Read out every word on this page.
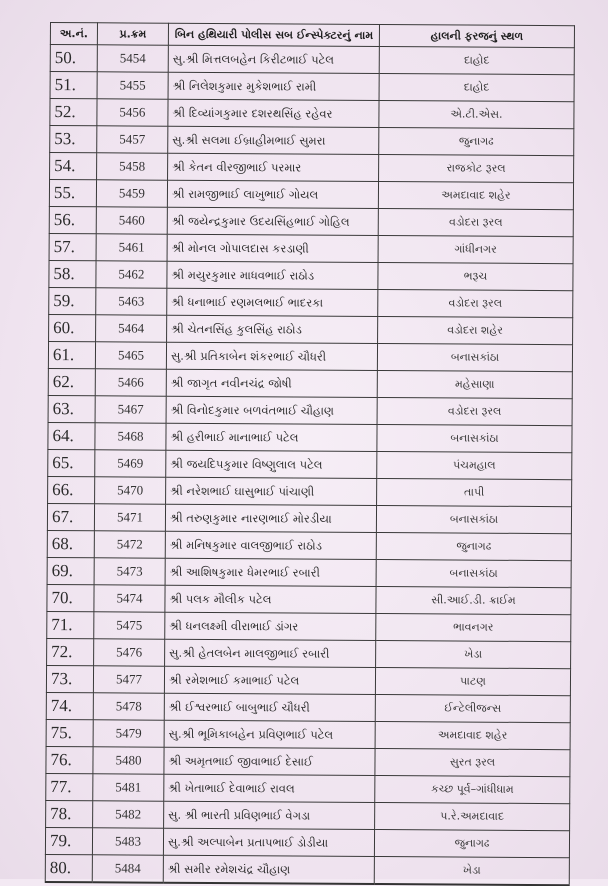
અ.નં.	પ્ર.ક્રમ	બિન હથિયારી પોલીસ સબ ઈન્સ્પેક્ટરનું નામ	હાલની ફરજનું સ્થળ
50.	5454	સુ.શ્રી મિત્તલબહેન કિરીટભાઈ પટેલ	દાહોદ
51.	5455	શ્રી નિલેશકુમાર મુકેશભાઈ રામી	દાહોદ
52.	5456	શ્રી દિવ્યાંગકુમાર દશરથસિંહ રહેવર	એ.ટી.એસ.
53.	5457	સુ.શ્રી સલમા ઈબ્રાહીમભાઈ સુમરા	જુનાગઢ
54.	5458	શ્રી કેતન વીરજીભાઈ પરમાર	રાજકોટ રૂરલ
55.	5459	શ્રી રામજીભાઈ લાખુભાઈ ગોયલ	અમદાવાદ શહેર
56.	5460	શ્રી જયેન્દ્રકુમાર ઉદયસિંહભાઈ ગોહિલ	વડોદરા રૂરલ
57.	5461	શ્રી મોનલ ગોપાલદાસ કરડાણી	ગાંધીનગર
58.	5462	શ્રી મયુરકુમાર માધવભાઈ રાઠોડ	ભરૂચ
59.	5463	શ્રી ધનાભાઈ રણમલભાઈ ભાદરકા	વડોદરા રૂરલ
60.	5464	શ્રી ચેતનસિંહ કુલસિંહ રાઠોડ	વડોદરા શહેર
61.	5465	સુ.શ્રી પ્રતિકાબેન શંકરભાઈ ચૌધરી	બનાસકાંઠા
62.	5466	શ્રી જાગૃત નવીનચંદ્ર જોષી	મહેસાણા
63.	5467	શ્રી વિનોદકુમાર બળવંતભાઈ ચૌહાણ	વડોદરા રૂરલ
64.	5468	શ્રી હરીભાઈ માનાભાઈ પટેલ	બનાસકાંઠા
65.	5469	શ્રી જયદિપકુમાર વિષ્ણુલાલ પટેલ	પંચમહાલ
66.	5470	શ્રી નરેશભાઈ ઘાસુભાઈ પાંચાણી	તાપી
67.	5471	શ્રી તરુણકુમાર નારણભાઈ મોરડીયા	બનાસકાંઠા
68.	5472	શ્રી મનિષકુમાર વાલજીભાઈ રાઠોડ	જુનાગઢ
69.	5473	શ્રી આશિષકુમાર ધેમરભાઈ રબારી	બનાસકાંઠા
70.	5474	શ્રી પલક મૌલીક પટેલ	સી.આઈ.ડી. ક્રાઈમ
71.	5475	શ્રી ધનલક્ષ્મી વીરાભાઈ ડાંગર	ભાવનગર
72.	5476	સુ.શ્રી હેતલબેન માલજીભાઈ રબારી	ખેડા
73.	5477	શ્રી રમેશભાઈ કમાભાઈ પટેલ	પાટણ
74.	5478	શ્રી ઈશ્વરભાઈ બાબુભાઈ ચૌધરી	ઈન્ટેલીજન્સ
75.	5479	સુ.શ્રી ભૂમિકાબહેન પ્રવિણભાઈ પટેલ	અમદાવાદ શહેર
76.	5480	શ્રી અમૃતભાઈ જીવાભાઈ દેસાઈ	સુરત રૂરલ
77.	5481	શ્રી ખેતાભાઈ દેવાભાઈ રાવલ	કચ્છ પૂર્વ–ગાંધીધામ
78.	5482	સુ. શ્રી ભારતી પ્રવિણભાઈ વેગડા	પ.રે.અમદાવાદ
79.	5483	સુ.શ્રી અલ્પાબેન પ્રતાપભાઈ ડોડીયા	જુનાગઢ
80.	5484	શ્રી સમીર રમેશચંદ્ર ચૌહાણ	ખેડા
